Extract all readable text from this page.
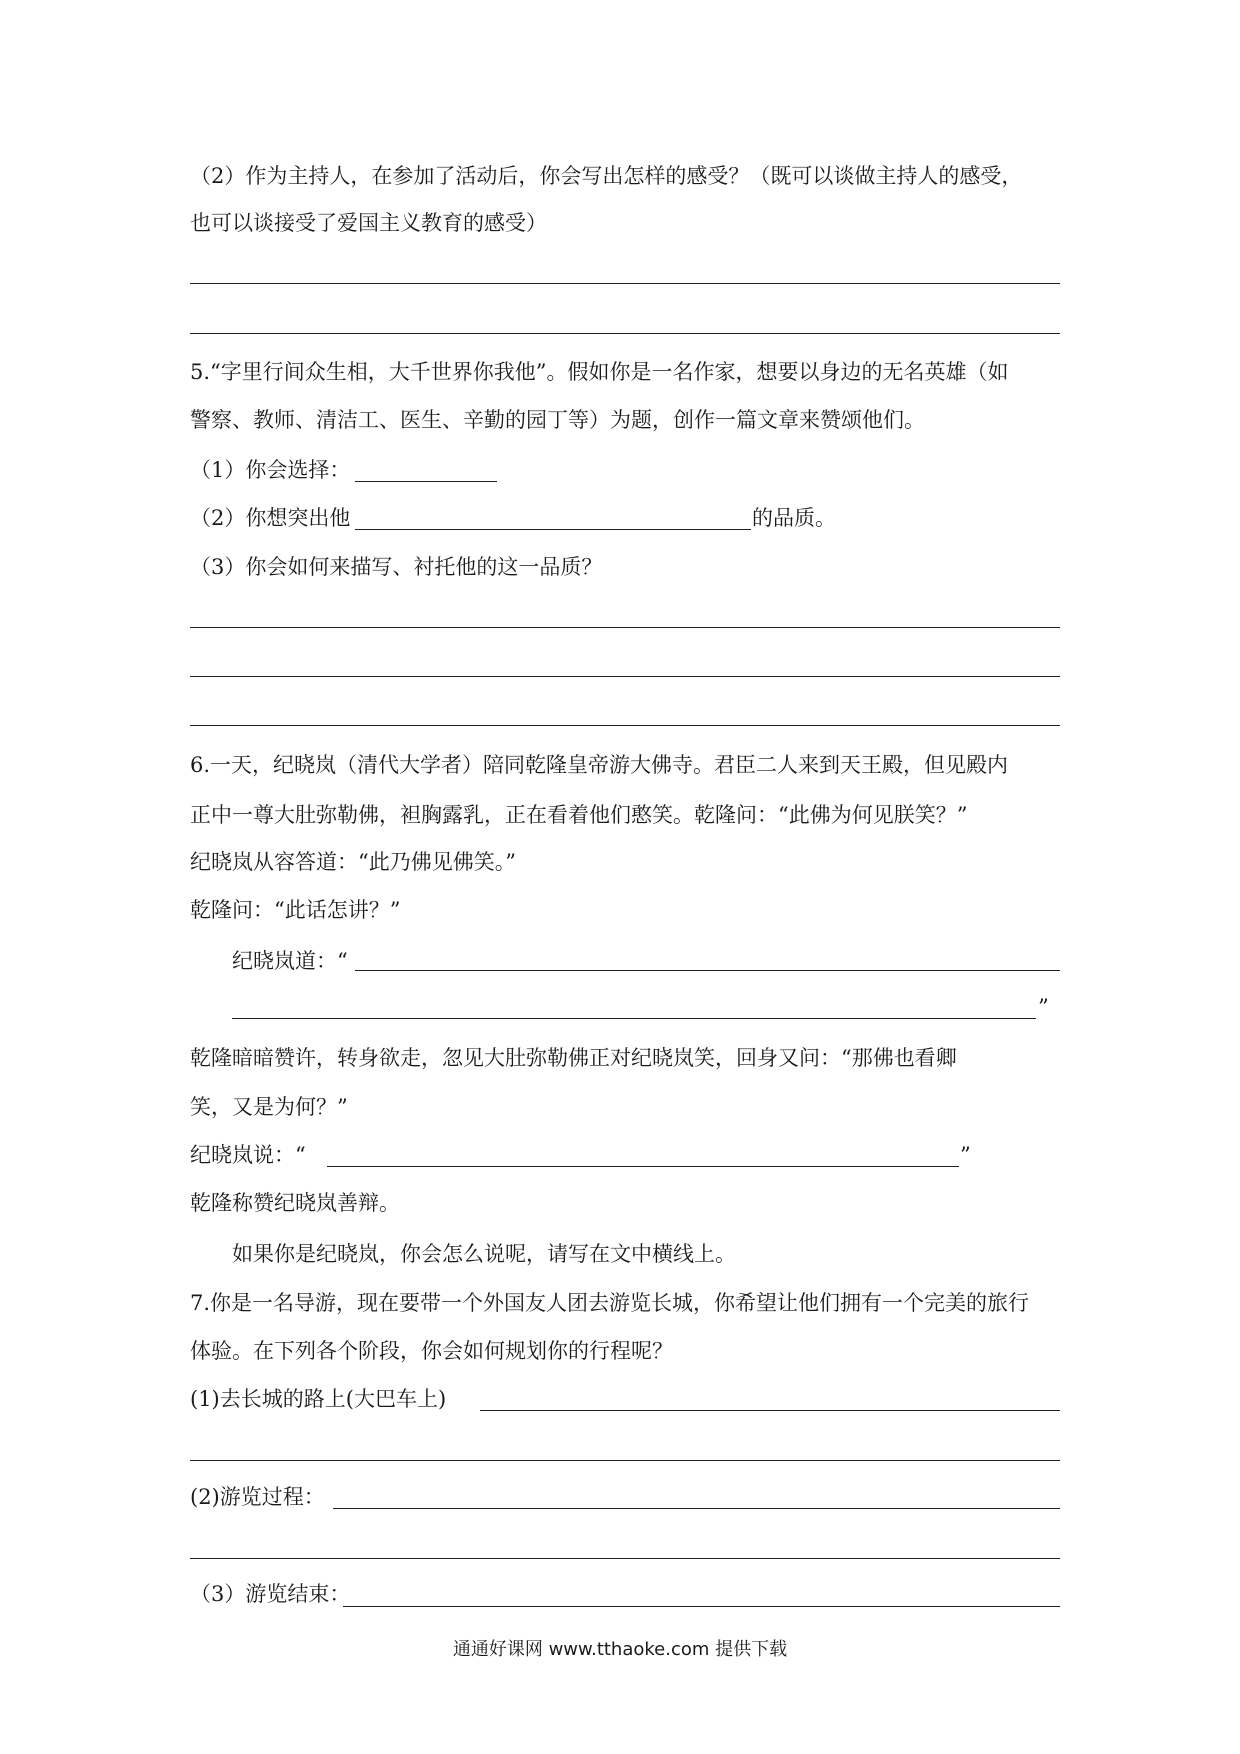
（2）作为主持人，在参加了活动后，你会写出怎样的感受？（既可以谈做主持人的感受，
也可以谈接受了爱国主义教育的感受）
5.“字里行间众生相，大千世界你我他”。假如你是一名作家，想要以身边的无名英雄（如
警察、教师、清洁工、医生、辛勤的园丁等）为题，创作一篇文章来赞颂他们。
（1）你会选择：
（2）你想突出他	的品质。
（3）你会如何来描写、衬托他的这一品质？
6.一天，纪晓岚（清代大学者）陪同乾隆皇帝游大佛寺。君臣二人来到天王殿，但见殿内
正中一尊大肚弥勒佛，袒胸露乳，正在看着他们憨笑。乾隆问：“此佛为何见朕笑？”
纪晓岚从容答道：“此乃佛见佛笑。”
乾隆问：“此话怎讲？”
纪晓岚道：“
”
乾隆暗暗赞许，转身欲走，忽见大肚弥勒佛正对纪晓岚笑，回身又问：“那佛也看卿
笑，又是为何？”
纪晓岚说：“	”
乾隆称赞纪晓岚善辩。
如果你是纪晓岚，你会怎么说呢，请写在文中横线上。
7.你是一名导游，现在要带一个外国友人团去游览长城，你希望让他们拥有一个完美的旅行
体验。在下列各个阶段，你会如何规划你的行程呢？
(1)去长城的路上(大巴车上)
(2)游览过程：
（3）游览结束：
通通好课网 www.tthaoke.com 提供下载
